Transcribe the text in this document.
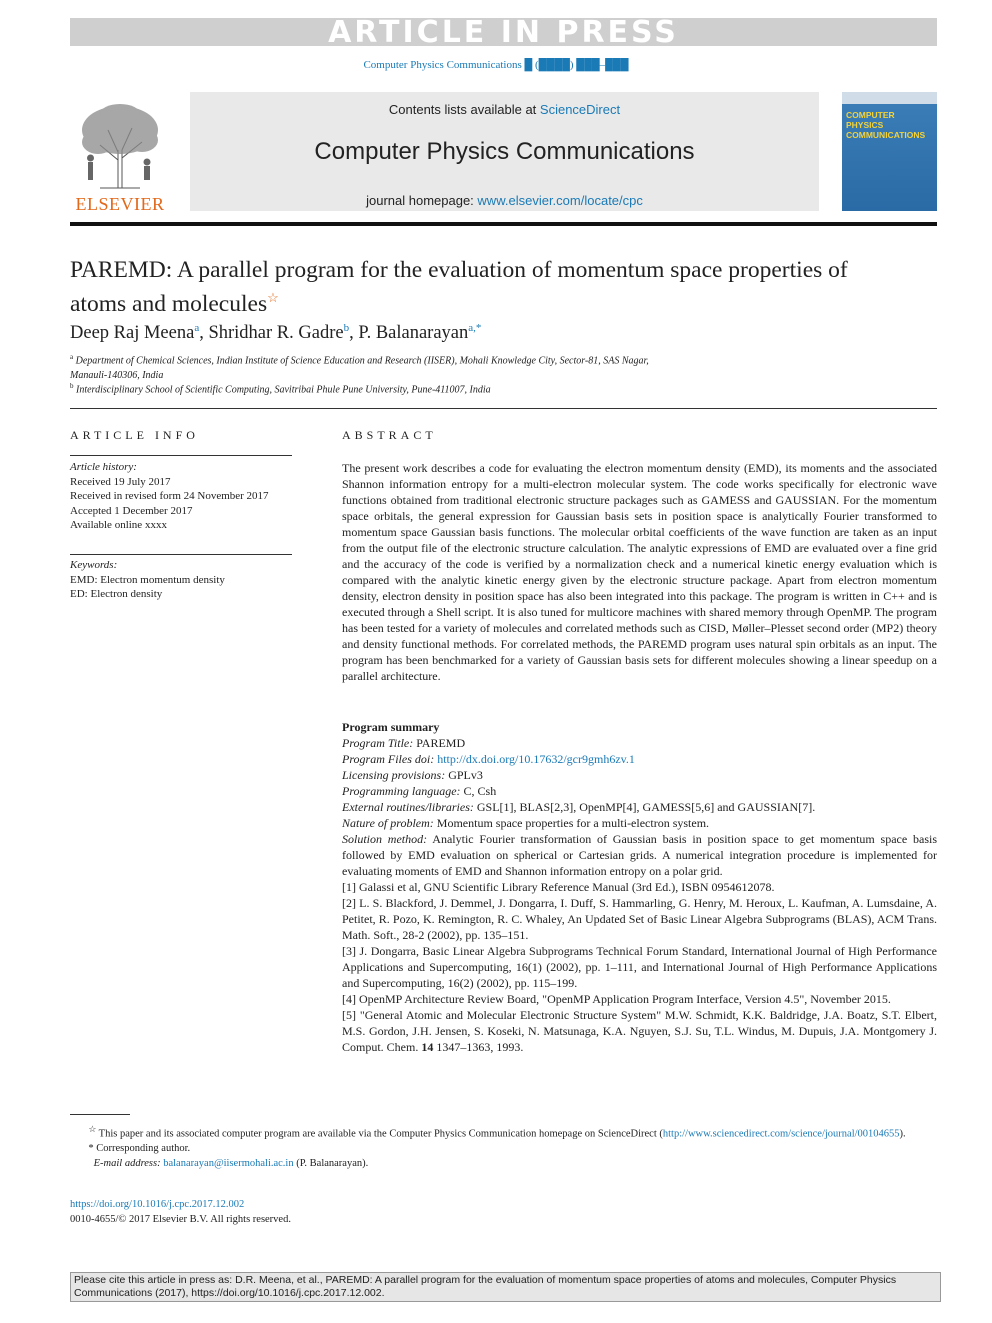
ARTICLE IN PRESS
Computer Physics Communications █ (████) ███–███
ELSEVIER
Contents lists available at ScienceDirect
Computer Physics Communications
journal homepage: www.elsevier.com/locate/cpc
COMPUTER PHYSICS COMMUNICATIONS
PAREMD: A parallel program for the evaluation of momentum space properties of atoms and molecules☆
Deep Raj Meena$^a$, Shridhar R. Gadre$^b$, P. Balanarayan$^{a,*}$
$^a$ Department of Chemical Sciences, Indian Institute of Science Education and Research (IISER), Mohali Knowledge City, Sector-81, SAS Nagar,
Manauli-140306, India
$^b$ Interdisciplinary School of Scientific Computing, Savitribai Phule Pune University, Pune-411007, India
ARTICLE INFO
Article history:
Received 19 July 2017
Received in revised form 24 November 2017
Accepted 1 December 2017
Available online xxxx
Keywords:
EMD: Electron momentum density
ED: Electron density
ABSTRACT
The present work describes a code for evaluating the electron momentum density (EMD), its moments and the associated Shannon information entropy for a multi-electron molecular system. The code works specifically for electronic wave functions obtained from traditional electronic structure packages such as GAMESS and GAUSSIAN. For the momentum space orbitals, the general expression for Gaussian basis sets in position space is analytically Fourier transformed to momentum space Gaussian basis functions. The molecular orbital coefficients of the wave function are taken as an input from the output file of the electronic structure calculation. The analytic expressions of EMD are evaluated over a fine grid and the accuracy of the code is verified by a normalization check and a numerical kinetic energy evaluation which is compared with the analytic kinetic energy given by the electronic structure package. Apart from electron momentum density, electron density in position space has also been integrated into this package. The program is written in C++ and is executed through a Shell script. It is also tuned for multicore machines with shared memory through OpenMP. The program has been tested for a variety of molecules and correlated methods such as CISD, Møller–Plesset second order (MP2) theory and density functional methods. For correlated methods, the PAREMD program uses natural spin orbitals as an input. The program has been benchmarked for a variety of Gaussian basis sets for different molecules showing a linear speedup on a parallel architecture.

Program summary

Program Title: PAREMD

Program Files doi: http://dx.doi.org/10.17632/gcr9gmh6zv.1

Licensing provisions: GPLv3

Programming language: C, Csh

External routines/libraries: GSL[1], BLAS[2,3], OpenMP[4], GAMESS[5,6] and GAUSSIAN[7].

Nature of problem: Momentum space properties for a multi-electron system.

Solution method: Analytic Fourier transformation of Gaussian basis in position space to get momentum space basis followed by EMD evaluation on spherical or Cartesian grids. A numerical integration procedure is implemented for evaluating moments of EMD and Shannon information entropy on a polar grid.

[1] Galassi et al, GNU Scientific Library Reference Manual (3rd Ed.), ISBN 0954612078.

[2] L. S. Blackford, J. Demmel, J. Dongarra, I. Duff, S. Hammarling, G. Henry, M. Heroux, L. Kaufman, A. Lumsdaine, A. Petitet, R. Pozo, K. Remington, R. C. Whaley, An Updated Set of Basic Linear Algebra Subprograms (BLAS), ACM Trans. Math. Soft., 28-2 (2002), pp. 135–151.

[3] J. Dongarra, Basic Linear Algebra Subprograms Technical Forum Standard, International Journal of High Performance Applications and Supercomputing, 16(1) (2002), pp. 1–111, and International Journal of High Performance Applications and Supercomputing, 16(2) (2002), pp. 115–199.

[4] OpenMP Architecture Review Board, "OpenMP Application Program Interface, Version 4.5", November 2015.

[5] "General Atomic and Molecular Electronic Structure System" M.W. Schmidt, K.K. Baldridge, J.A. Boatz, S.T. Elbert, M.S. Gordon, J.H. Jensen, S. Koseki, N. Matsunaga, K.A. Nguyen, S.J. Su, T.L. Windus, M. Dupuis, J.A. Montgomery J. Comput. Chem. 14 1347–1363, 1993.

☆ This paper and its associated computer program are available via the Computer Physics Communication homepage on ScienceDirect (http://www.sciencedirect.com/science/journal/00104655).

* Corresponding author.

E-mail address: balanarayan@iisermohali.ac.in (P. Balanarayan).

https://doi.org/10.1016/j.cpc.2017.12.002
0010-4655/© 2017 Elsevier B.V. All rights reserved.
Please cite this article in press as: D.R. Meena, et al., PAREMD: A parallel program for the evaluation of momentum space properties of atoms and molecules, Computer Physics Communications (2017), https://doi.org/10.1016/j.cpc.2017.12.002.
